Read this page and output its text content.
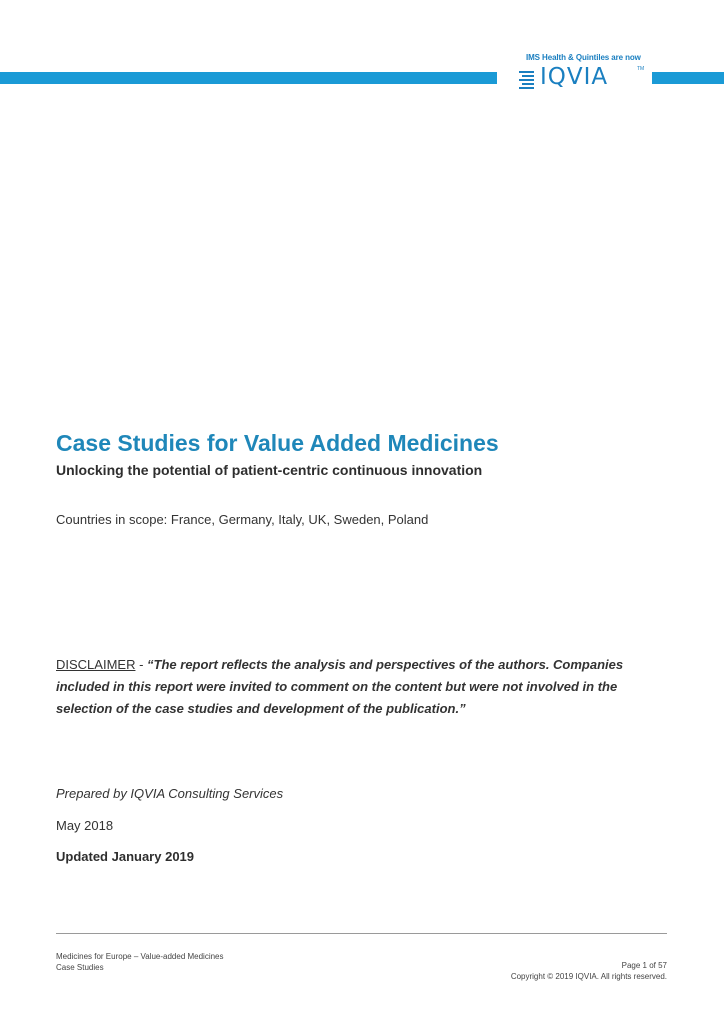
IMS Health & Quintiles are now
IQVIA	TM
Case Studies for Value Added Medicines
Unlocking the potential of patient-centric continuous innovation
Countries in scope: France, Germany, Italy, UK, Sweden, Poland
DISCLAIMER - “The report reflects the analysis and perspectives of the authors. Companies included in this report were invited to comment on the content but were not involved in the selection of the case studies and development of the publication.”
Prepared by IQVIA Consulting Services
May 2018
Updated January 2019
Medicines for Europe – Value-added Medicines
Case Studies	Page 1 of 57
Copyright © 2019 IQVIA. All rights reserved.
